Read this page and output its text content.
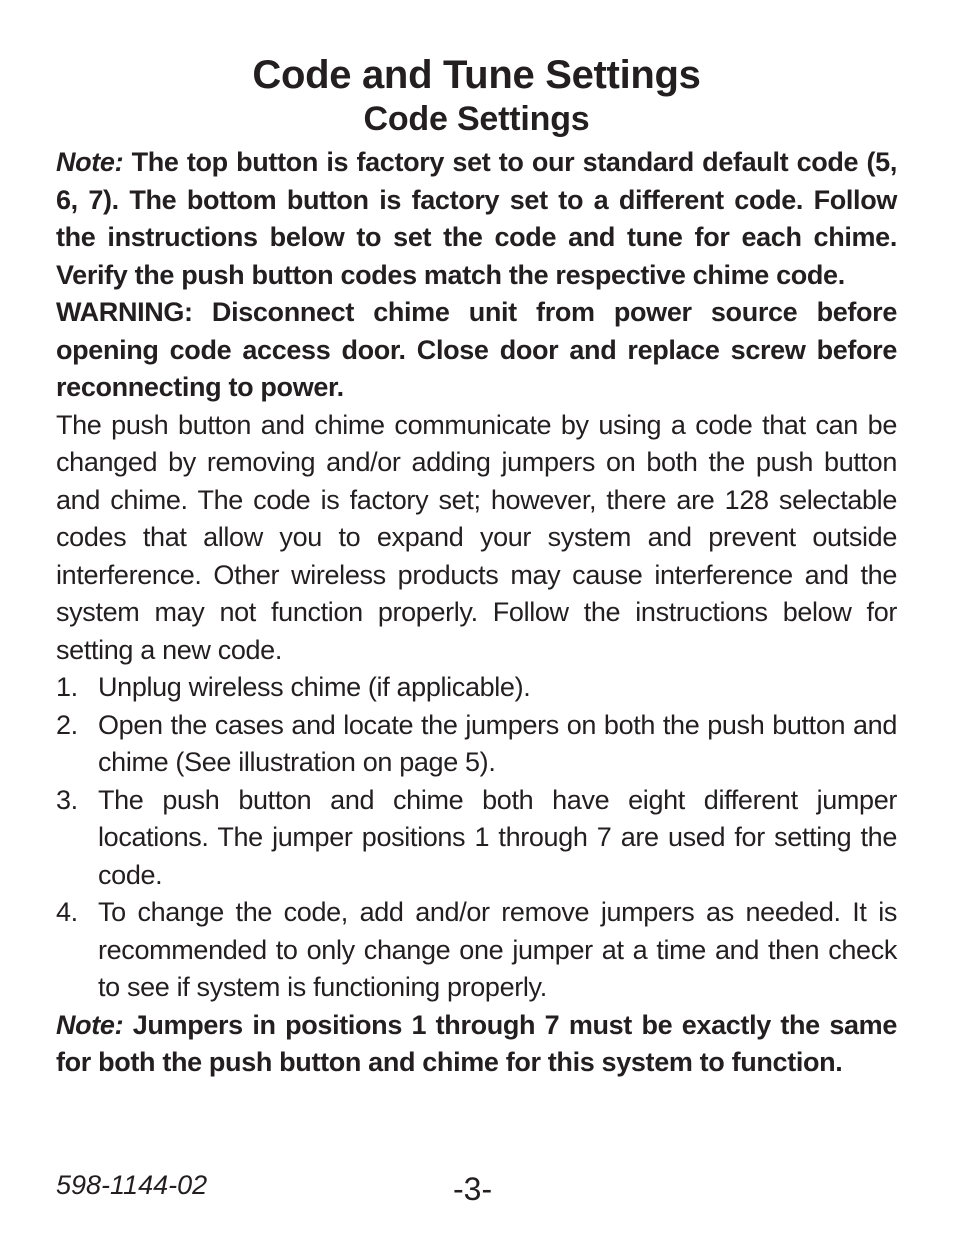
Code and Tune Settings
Code Settings

Note: The top button is factory set to our standard default code (5, 6, 7). The bottom button is factory set to a different code. Follow the instructions below to set the code and tune for each chime. Verify the push button codes match the respective chime code.

WARNING: Disconnect chime unit from power source before opening code access door. Close door and replace screw before reconnecting to power.

The push button and chime communicate by using a code that can be changed by removing and/or adding jumpers on both the push button and chime. The code is factory set; however, there are 128 selectable codes that allow you to expand your system and prevent outside interference. Other wireless products may cause interference and the system may not function properly. Follow the instructions below for setting a new code.

1. Unplug wireless chime (if applicable).
2. Open the cases and locate the jumpers on both the push button and chime (See illustration on page 5).
3. The push button and chime both have eight different jumper locations. The jumper positions 1 through 7 are used for setting the code.
4. To change the code, add and/or remove jumpers as needed. It is recommended to only change one jumper at a time and then check to see if system is functioning properly.

Note: Jumpers in positions 1 through 7 must be exactly the same for both the push button and chime for this system to function.

598-1144-02	-3-
